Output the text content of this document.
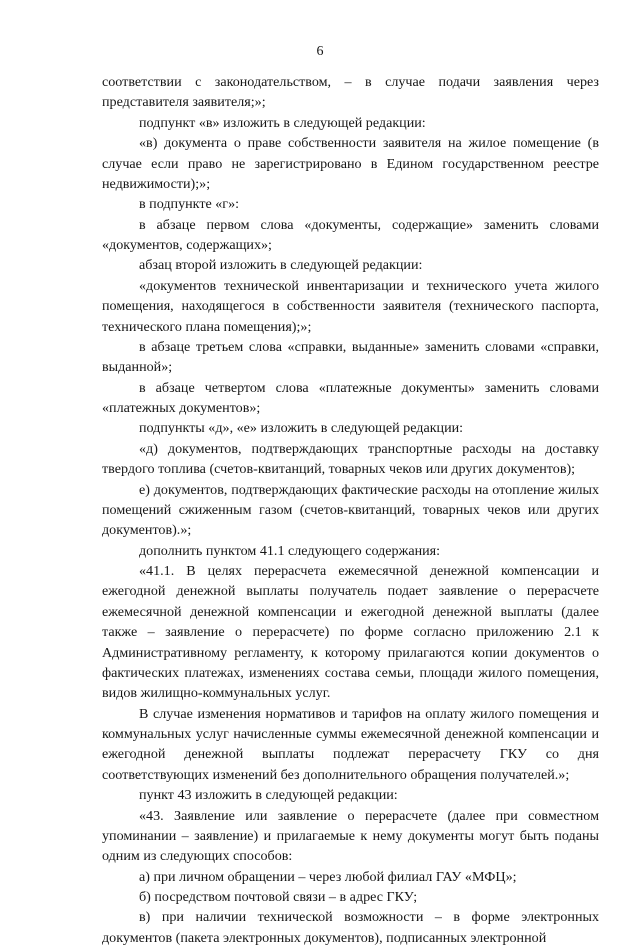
6

соответствии с законодательством, – в случае подачи заявления через представителя заявителя;»;

подпункт «в» изложить в следующей редакции:

«в) документа о праве собственности заявителя на жилое помещение (в случае если право не зарегистрировано в Едином государственном реестре недвижимости);»;

в подпункте «г»:

в абзаце первом слова «документы, содержащие» заменить словами «документов, содержащих»;

абзац второй изложить в следующей редакции:

«документов технической инвентаризации и технического учета жилого помещения, находящегося в собственности заявителя (технического паспорта, технического плана помещения);»;

в абзаце третьем слова «справки, выданные» заменить словами «справки, выданной»;

в абзаце четвертом слова «платежные документы» заменить словами «платежных документов»;

подпункты «д», «е» изложить в следующей редакции:

«д) документов, подтверждающих транспортные расходы на доставку твердого топлива (счетов-квитанций, товарных чеков или других документов);

е) документов, подтверждающих фактические расходы на отопление жилых помещений сжиженным газом (счетов-квитанций, товарных чеков или других документов).»;

дополнить пунктом 41.1 следующего содержания:

«41.1. В целях перерасчета ежемесячной денежной компенсации и ежегодной денежной выплаты получатель подает заявление о перерасчете ежемесячной денежной компенсации и ежегодной денежной выплаты (далее также – заявление о перерасчете) по форме согласно приложению 2.1 к Административному регламенту, к которому прилагаются копии документов о фактических платежах, изменениях состава семьи, площади жилого помещения, видов жилищно-коммунальных услуг.

В случае изменения нормативов и тарифов на оплату жилого помещения и коммунальных услуг начисленные суммы ежемесячной денежной компенсации и ежегодной денежной выплаты подлежат перерасчету ГКУ со дня соответствующих изменений без дополнительного обращения получателей.»;

пункт 43 изложить в следующей редакции:

«43. Заявление или заявление о перерасчете (далее при совместном упоминании – заявление) и прилагаемые к нему документы могут быть поданы одним из следующих способов:

а) при личном обращении – через любой филиал ГАУ «МФЦ»;

б) посредством почтовой связи – в адрес ГКУ;

в) при наличии технической возможности – в форме электронных документов (пакета электронных документов), подписанных электронной
